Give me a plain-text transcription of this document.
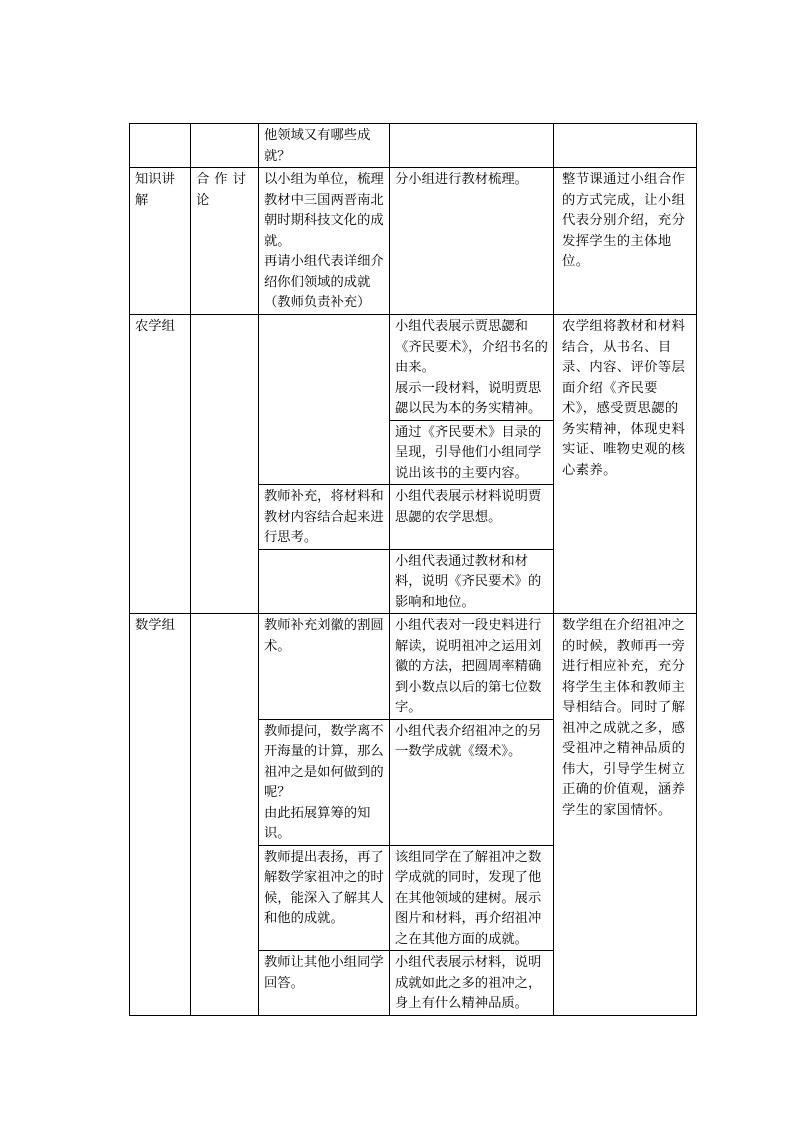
		他领域又有哪些成就？		

知识讲解	合作讨论	以小组为单位，梳理教材中三国两晋南北朝时期科技文化的成就。
再请小组代表详细介绍你们领域的成就（教师负责补充）	分小组进行教材梳理。	整节课通过小组合作的方式完成，让小组代表分别介绍，充分发挥学生的主体地位。
农学组			小组代表展示贾思勰和《齐民要术》，介绍书名的由来。
展示一段材料，说明贾思勰以民为本的务实精神。	农学组将教材和材料结合，从书名、目录、内容、评价等层面介绍《齐民要术》，感受贾思勰的务实精神，体现史料实证、唯物史观的核心素养。
			通过《齐民要术》目录的呈现，引导他们小组同学说出该书的主要内容。	
		教师补充，将材料和教材内容结合起来进行思考。	小组代表展示材料说明贾思勰的农学思想。	
			小组代表通过教材和材料，说明《齐民要术》的影响和地位。	
数学组		教师补充刘徽的割圆术。	小组代表对一段史料进行解读，说明祖冲之运用刘徽的方法，把圆周率精确到小数点以后的第七位数字。	数学组在介绍祖冲之的时候，教师再一旁进行相应补充，充分将学生主体和教师主导相结合。同时了解祖冲之成就之多，感受祖冲之精神品质的伟大，引导学生树立正确的价值观，涵养学生的家国情怀。

		教师提问，数学离不开海量的计算，那么祖冲之是如何做到的呢？
由此拓展算筹的知识。	小组代表介绍祖冲之的另一数学成就《缀术》。	
		教师提出表扬，再了解数学家祖冲之的时候，能深入了解其人和他的成就。	该组同学在了解祖冲之数学成就的同时，发现了他在其他领域的建树。展示图片和材料，再介绍祖冲之在其他方面的成就。	
		教师让其他小组同学回答。	小组代表展示材料，说明成就如此之多的祖冲之，身上有什么精神品质。	
